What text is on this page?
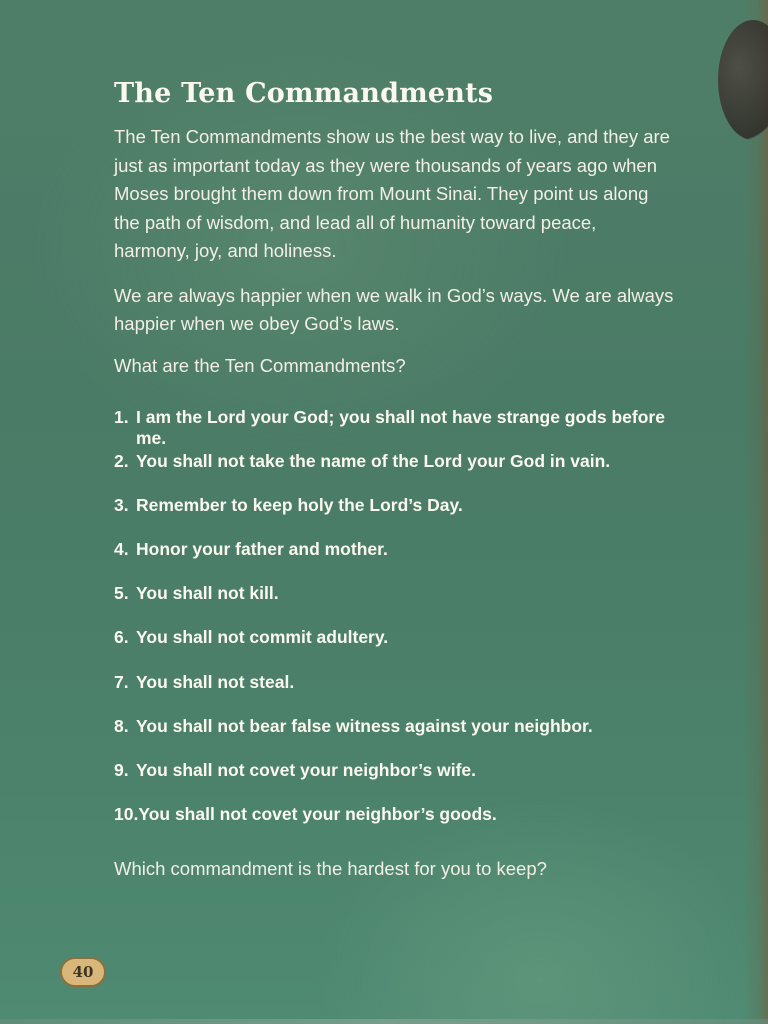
The Ten Commandments

The Ten Commandments show us the best way to live, and they are just as important today as they were thousands of years ago when Moses brought them down from Mount Sinai. They point us along the path of wisdom, and lead all of humanity toward peace, harmony, joy, and holiness.

We are always happier when we walk in God’s ways. We are always happier when we obey God’s laws.

What are the Ten Commandments?

1. I am the Lord your God; you shall not have strange gods before me.
2. You shall not take the name of the Lord your God in vain.
3. Remember to keep holy the Lord’s Day.
4. Honor your father and mother.
5. You shall not kill.
6. You shall not commit adultery.
7. You shall not steal.
8. You shall not bear false witness against your neighbor.
9. You shall not covet your neighbor’s wife.
10. You shall not covet your neighbor’s goods.

Which commandment is the hardest for you to keep?

40
